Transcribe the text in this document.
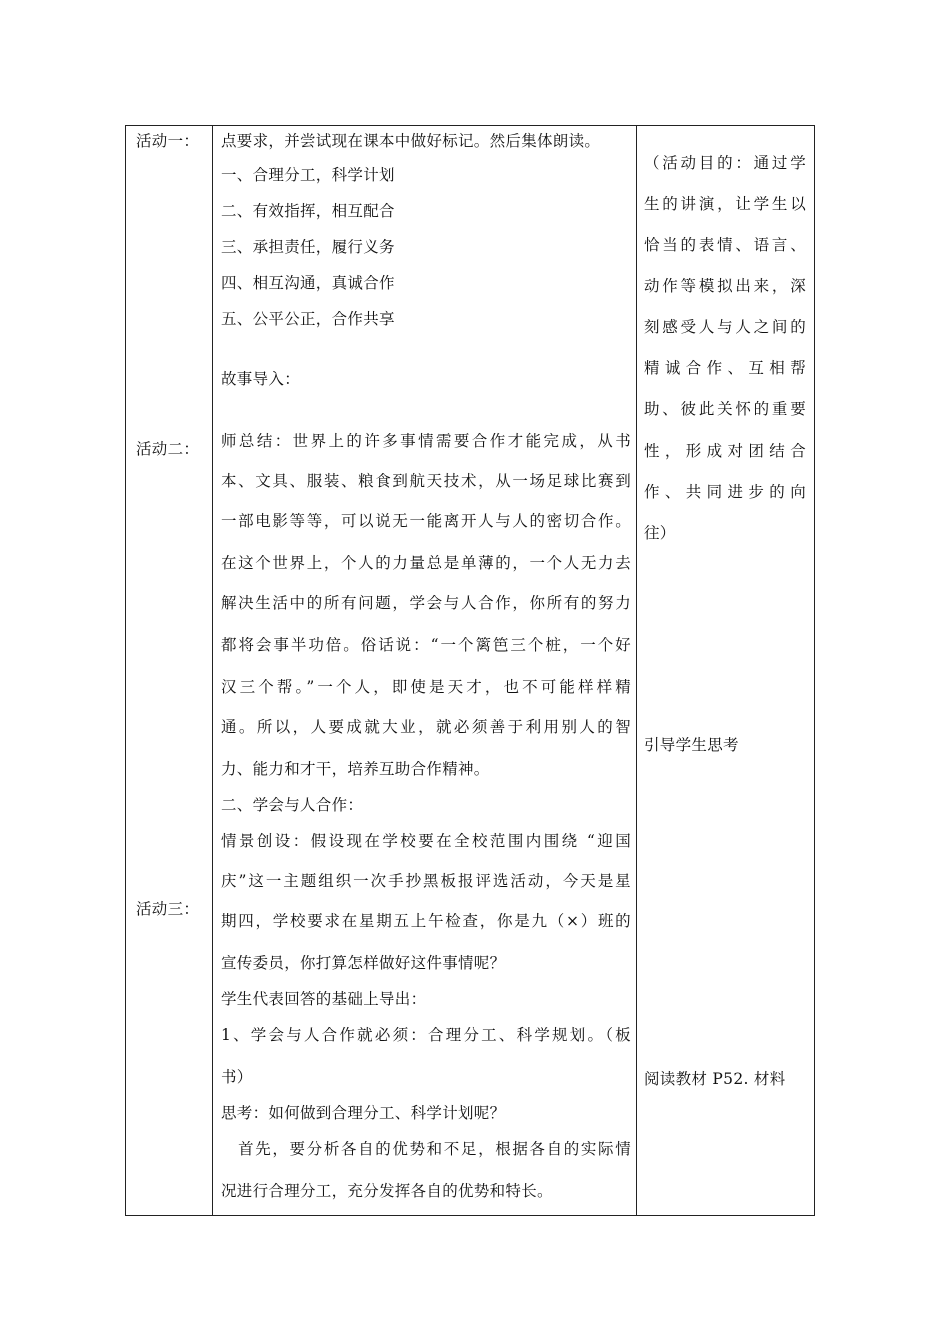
活动一：
活动二：
活动三：
点要求，并尝试现在课本中做好标记。然后集体朗读。
一、合理分工，科学计划
二、有效指挥，相互配合
三、承担责任，履行义务
四、相互沟通，真诚合作
五、公平公正，合作共享
故事导入：
师总结：世界上的许多事情需要合作才能完成，从书
本、文具、服装、粮食到航天技术，从一场足球比赛到
一部电影等等，可以说无一能离开人与人的密切合作。
在这个世界上，个人的力量总是单薄的，一个人无力去
解决生活中的所有问题，学会与人合作，你所有的努力
都将会事半功倍。俗话说：“一个篱笆三个桩，一个好
汉三个帮。”一个人，即使是天才，也不可能样样精
通。所以，人要成就大业，就必须善于利用别人的智
力、能力和才干，培养互助合作精神。
二、学会与人合作：
情景创设：假设现在学校要在全校范围内围绕 “迎国
庆”这一主题组织一次手抄黑板报评选活动，今天是星
期四，学校要求在星期五上午检查，你是九（×）班的
宣传委员，你打算怎样做好这件事情呢？
学生代表回答的基础上导出：
1、学会与人合作就必须：合理分工、科学规划。（板
书）
思考：如何做到合理分工、科学计划呢？
　首先，要分析各自的优势和不足，根据各自的实际情
况进行合理分工，充分发挥各自的优势和特长。
（活动目的：通过学
生的讲演，让学生以
恰当的表情、语言、
动作等模拟出来，深
刻感受人与人之间的
精诚合作、互相帮
助、彼此关怀的重要
性，形成对团结合
作、共同进步的向
往）
引导学生思考
阅读教材 P52. 材料
